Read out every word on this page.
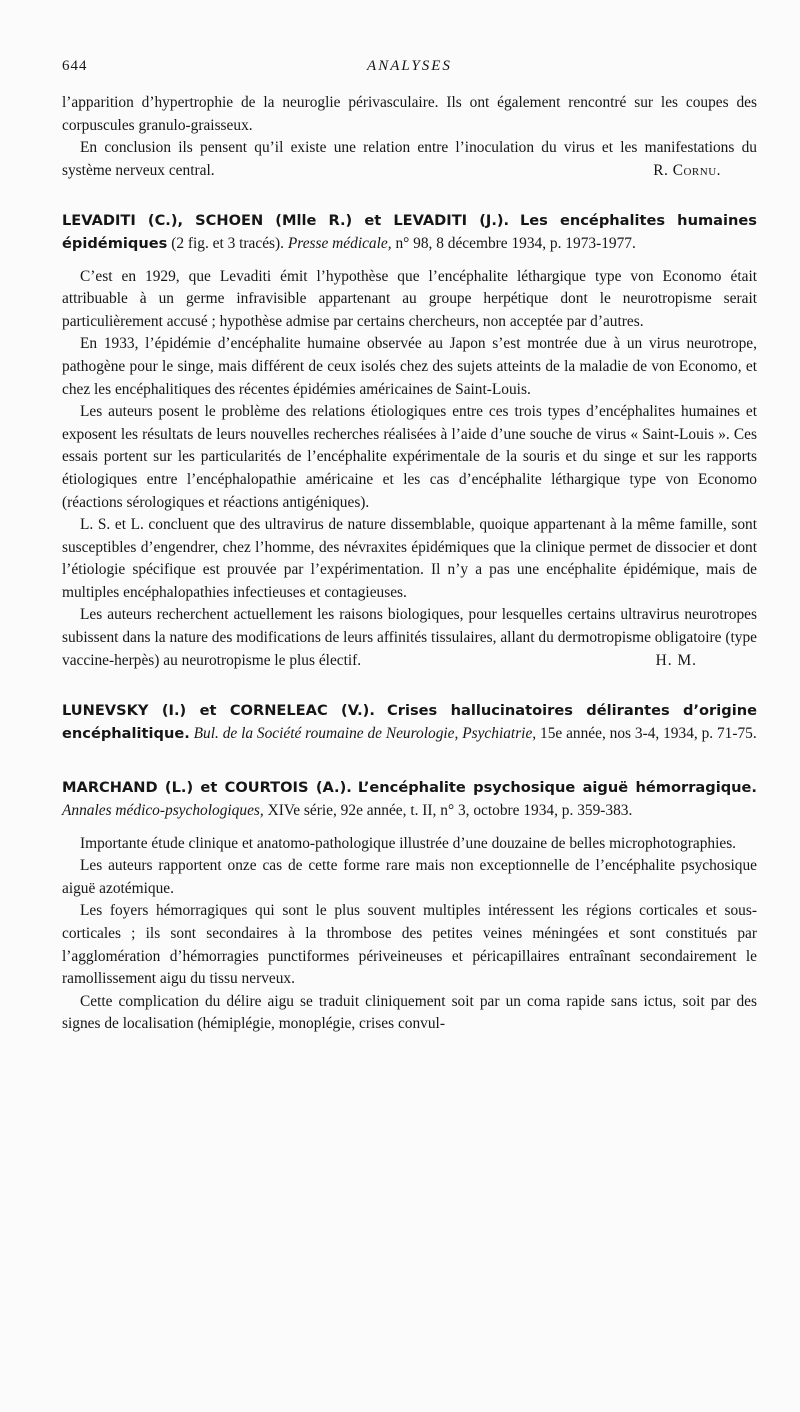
644	ANALYSES

l’apparition d’hypertrophie de la neuroglie périvasculaire. Ils ont également rencontré sur les coupes des corpuscules granulo-graisseux.

En conclusion ils pensent qu’il existe une relation entre l’inoculation du virus et les manifestations du système nerveux central.	R. Cornu.

LEVADITI (C.), SCHOEN (Mlle R.) et LEVADITI (J.). Les encéphalites humaines épidémiques (2 fig. et 3 tracés). Presse médicale, n° 98, 8 décembre 1934, p. 1973-1977.

C’est en 1929, que Levaditi émit l’hypothèse que l’encéphalite léthargique type von Economo était attribuable à un germe infravisible appartenant au groupe herpétique dont le neurotropisme serait particulièrement accusé ; hypothèse admise par certains chercheurs, non acceptée par d’autres.

En 1933, l’épidémie d’encéphalite humaine observée au Japon s’est montrée due à un virus neurotrope, pathogène pour le singe, mais différent de ceux isolés chez des sujets atteints de la maladie de von Economo, et chez les encéphalitiques des récentes épidémies américaines de Saint-Louis.

Les auteurs posent le problème des relations étiologiques entre ces trois types d’encéphalites humaines et exposent les résultats de leurs nouvelles recherches réalisées à l’aide d’une souche de virus « Saint-Louis ». Ces essais portent sur les particularités de l’encéphalite expérimentale de la souris et du singe et sur les rapports étiologiques entre l’encéphalopathie américaine et les cas d’encéphalite léthargique type von Economo (réactions sérologiques et réactions antigéniques).

L. S. et L. concluent que des ultravirus de nature dissemblable, quoique appartenant à la même famille, sont susceptibles d’engendrer, chez l’homme, des névraxites épidémiques que la clinique permet de dissocier et dont l’étiologie spécifique est prouvée par l’expérimentation. Il n’y a pas une encéphalite épidémique, mais de multiples encéphalopathies infectieuses et contagieuses.

Les auteurs recherchent actuellement les raisons biologiques, pour lesquelles certains ultravirus neurotropes subissent dans la nature des modifications de leurs affinités tissulaires, allant du dermotropisme obligatoire (type vaccine-herpès) au neurotropisme le plus électif.	H. M.

LUNEVSKY (I.) et CORNELEAC (V.). Crises hallucinatoires délirantes d’origine encéphalitique. Bul. de la Société roumaine de Neurologie, Psychiatrie, 15e année, nos 3-4, 1934, p. 71-75.
MARCHAND (L.) et COURTOIS (A.). L’encéphalite psychosique aiguë hémorragique. Annales médico-psychologiques, XIVe série, 92e année, t. II, n° 3, octobre 1934, p. 359-383.

Importante étude clinique et anatomo-pathologique illustrée d’une douzaine de belles microphotographies.

Les auteurs rapportent onze cas de cette forme rare mais non exceptionnelle de l’encéphalite psychosique aiguë azotémique.

Les foyers hémorragiques qui sont le plus souvent multiples intéressent les régions corticales et sous-corticales ; ils sont secondaires à la thrombose des petites veines méningées et sont constitués par l’agglomération d’hémorragies punctiformes périveineuses et péricapillaires entraînant secondairement le ramollissement aigu du tissu nerveux.

Cette complication du délire aigu se traduit cliniquement soit par un coma rapide sans ictus, soit par des signes de localisation (hémiplégie, monoplégie, crises convul-
